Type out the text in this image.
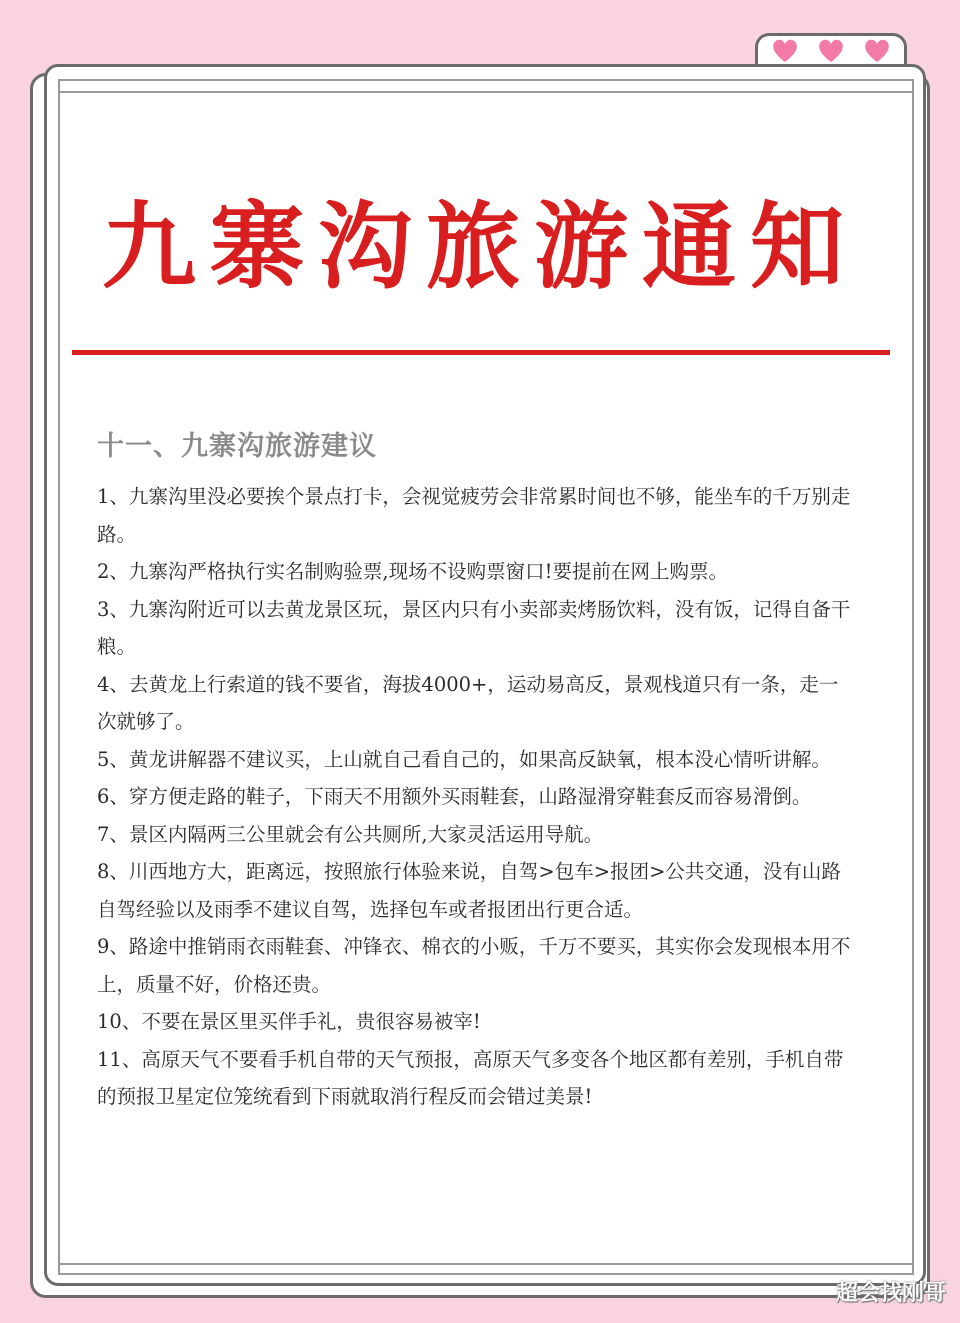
九寨沟旅游通知
十一、九寨沟旅游建议

1、九寨沟里没必要挨个景点打卡，会视觉疲劳会非常累时间也不够，能坐车的千万别走路。

2、九寨沟严格执行实名制购验票,现场不设购票窗口!要提前在网上购票。

3、九寨沟附近可以去黄龙景区玩，景区内只有小卖部卖烤肠饮料，没有饭，记得自备干粮。

4、去黄龙上行索道的钱不要省，海拔4000+，运动易高反，景观栈道只有一条，走一次就够了。

5、黄龙讲解器不建议买，上山就自己看自己的，如果高反缺氧，根本没心情听讲解。

6、穿方便走路的鞋子，下雨天不用额外买雨鞋套，山路湿滑穿鞋套反而容易滑倒。

7、景区内隔两三公里就会有公共厕所,大家灵活运用导航。

8、川西地方大，距离远，按照旅行体验来说，自驾>包车>报团>公共交通，没有山路自驾经验以及雨季不建议自驾，选择包车或者报团出行更合适。

9、路途中推销雨衣雨鞋套、冲锋衣、棉衣的小贩，千万不要买，其实你会发现根本用不上，质量不好，价格还贵。

10、不要在景区里买伴手礼，贵很容易被宰!

11、高原天气不要看手机自带的天气预报，高原天气多变各个地区都有差别，手机自带的预报卫星定位笼统看到下雨就取消行程反而会错过美景!

超会找刚哥
